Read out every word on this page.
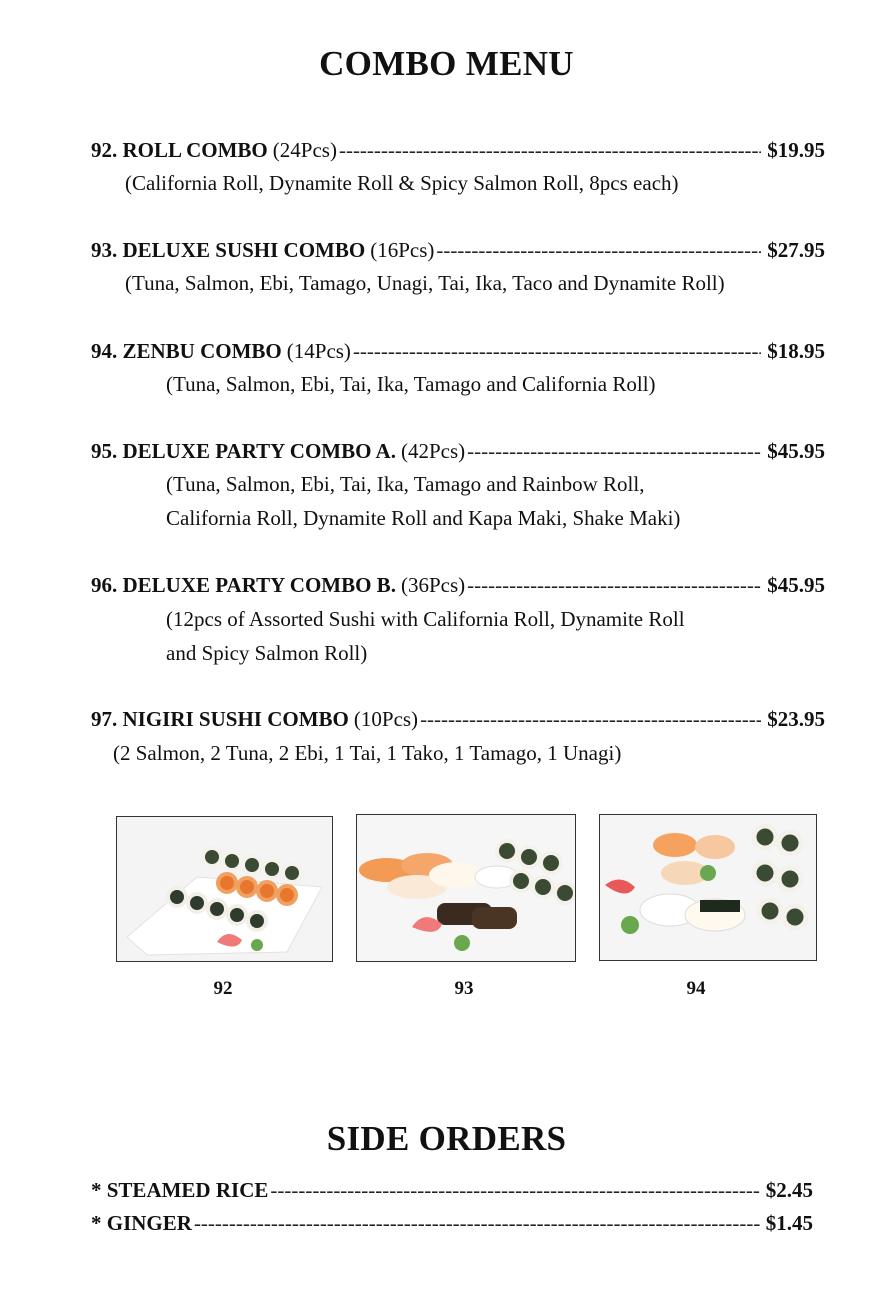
COMBO MENU
92. ROLL COMBO (24Pcs) -----	$19.95
(California Roll, Dynamite Roll & Spicy Salmon Roll, 8pcs each)
93. DELUXE SUSHI COMBO (16Pcs) -----	$27.95
(Tuna, Salmon, Ebi, Tamago, Unagi, Tai, Ika, Taco and Dynamite Roll)
94. ZENBU COMBO (14Pcs) -----	$18.95
(Tuna, Salmon, Ebi, Tai, Ika, Tamago and California Roll)
95. DELUXE PARTY COMBO A. (42Pcs) -----	$45.95
(Tuna, Salmon, Ebi, Tai, Ika, Tamago and Rainbow Roll,
California Roll, Dynamite Roll and Kapa Maki, Shake Maki)
96. DELUXE PARTY COMBO B. (36Pcs) -----	$45.95
(12pcs of Assorted Sushi with California Roll, Dynamite Roll
and Spicy Salmon Roll)
97. NIGIRI SUSHI COMBO (10Pcs) -----	$23.95
(2 Salmon, 2 Tuna, 2 Ebi, 1 Tai, 1 Tako, 1 Tamago, 1 Unagi)
92	93	94
SIDE ORDERS
* STEAMED RICE -----	$2.45
* GINGER -----	$1.45
